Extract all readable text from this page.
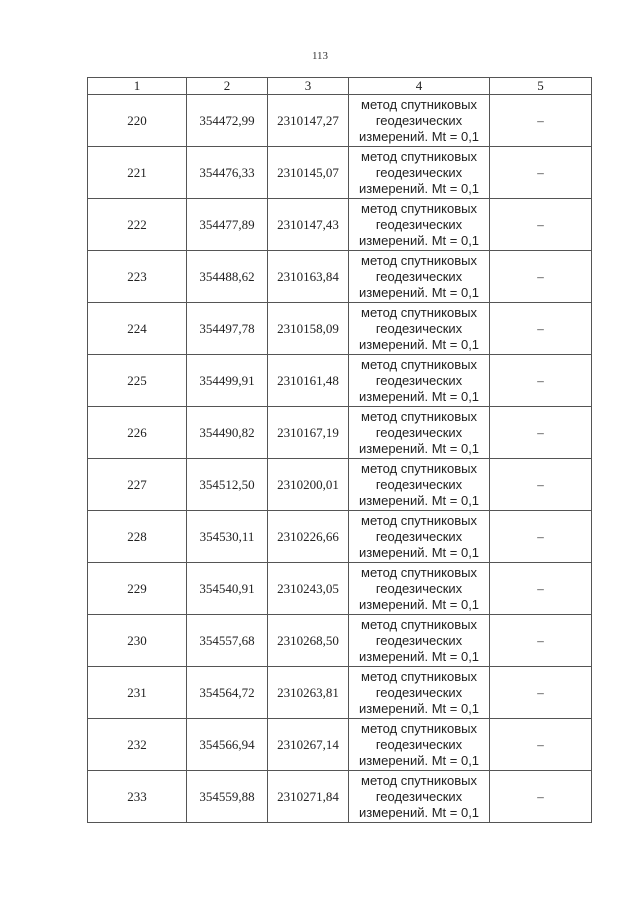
113
1	2	3	4	5
220	354472,99	2310147,27	метод спутниковых
геодезических
измерений. Mt = 0,1	–
221	354476,33	2310145,07	метод спутниковых
геодезических
измерений. Mt = 0,1	–
222	354477,89	2310147,43	метод спутниковых
геодезических
измерений. Mt = 0,1	–
223	354488,62	2310163,84	метод спутниковых
геодезических
измерений. Mt = 0,1	–
224	354497,78	2310158,09	метод спутниковых
геодезических
измерений. Mt = 0,1	–
225	354499,91	2310161,48	метод спутниковых
геодезических
измерений. Mt = 0,1	–
226	354490,82	2310167,19	метод спутниковых
геодезических
измерений. Mt = 0,1	–
227	354512,50	2310200,01	метод спутниковых
геодезических
измерений. Mt = 0,1	–
228	354530,11	2310226,66	метод спутниковых
геодезических
измерений. Mt = 0,1	–
229	354540,91	2310243,05	метод спутниковых
геодезических
измерений. Mt = 0,1	–
230	354557,68	2310268,50	метод спутниковых
геодезических
измерений. Mt = 0,1	–
231	354564,72	2310263,81	метод спутниковых
геодезических
измерений. Mt = 0,1	–
232	354566,94	2310267,14	метод спутниковых
геодезических
измерений. Mt = 0,1	–
233	354559,88	2310271,84	метод спутниковых
геодезических
измерений. Mt = 0,1	–
